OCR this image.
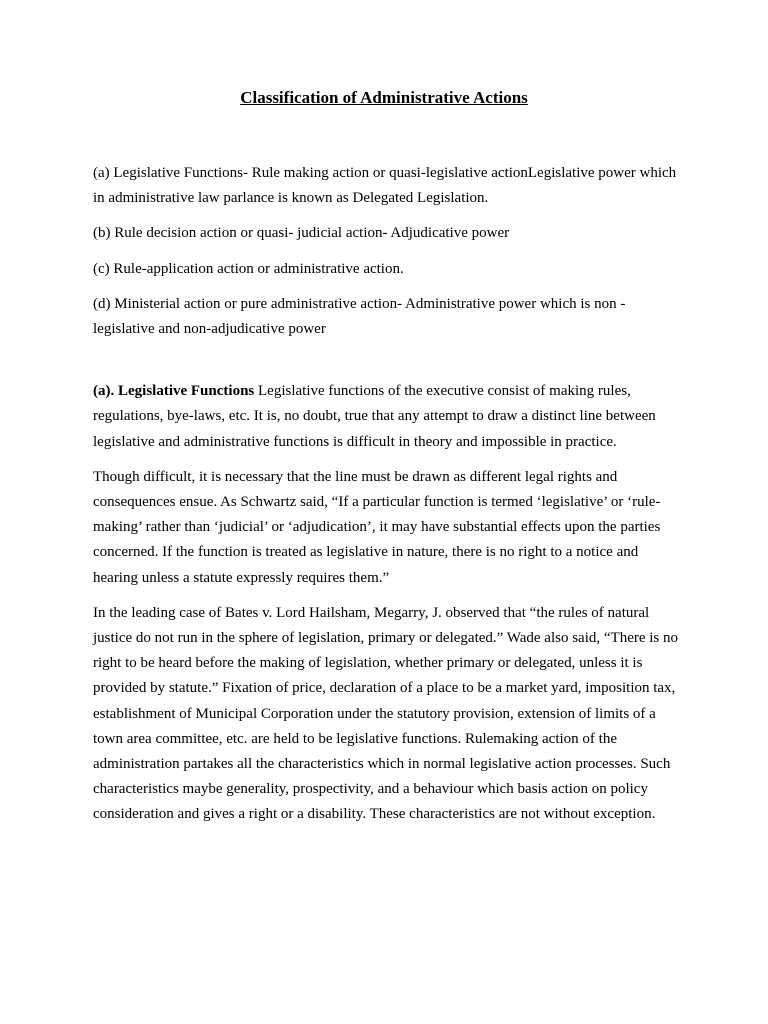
Classification of Administrative Actions

(a) Legislative Functions- Rule making action or quasi-legislative actionLegislative power which in administrative law parlance is known as Delegated Legislation.

(b) Rule decision action or quasi- judicial action- Adjudicative power

(c) Rule-application action or administrative action.

(d) Ministerial action or pure administrative action- Administrative power which is non -legislative and non-adjudicative power

(a). Legislative Functions Legislative functions of the executive consist of making rules, regulations, bye-laws, etc. It is, no doubt, true that any attempt to draw a distinct line between legislative and administrative functions is difficult in theory and impossible in practice.

Though difficult, it is necessary that the line must be drawn as different legal rights and consequences ensue. As Schwartz said, “If a particular function is termed ‘legislative’ or ‘rule-making’ rather than ‘judicial’ or ‘adjudication’, it may have substantial effects upon the parties concerned. If the function is treated as legislative in nature, there is no right to a notice and hearing unless a statute expressly requires them.”

In the leading case of Bates v. Lord Hailsham, Megarry, J. observed that “the rules of natural justice do not run in the sphere of legislation, primary or delegated.” Wade also said, “There is no right to be heard before the making of legislation, whether primary or delegated, unless it is provided by statute.” Fixation of price, declaration of a place to be a market yard, imposition tax, establishment of Municipal Corporation under the statutory provision, extension of limits of a town area committee, etc. are held to be legislative functions. Rulemaking action of the administration partakes all the characteristics which in normal legislative action processes. Such characteristics maybe generality, prospectivity, and a behaviour which basis action on policy consideration and gives a right or a disability. These characteristics are not without exception.
